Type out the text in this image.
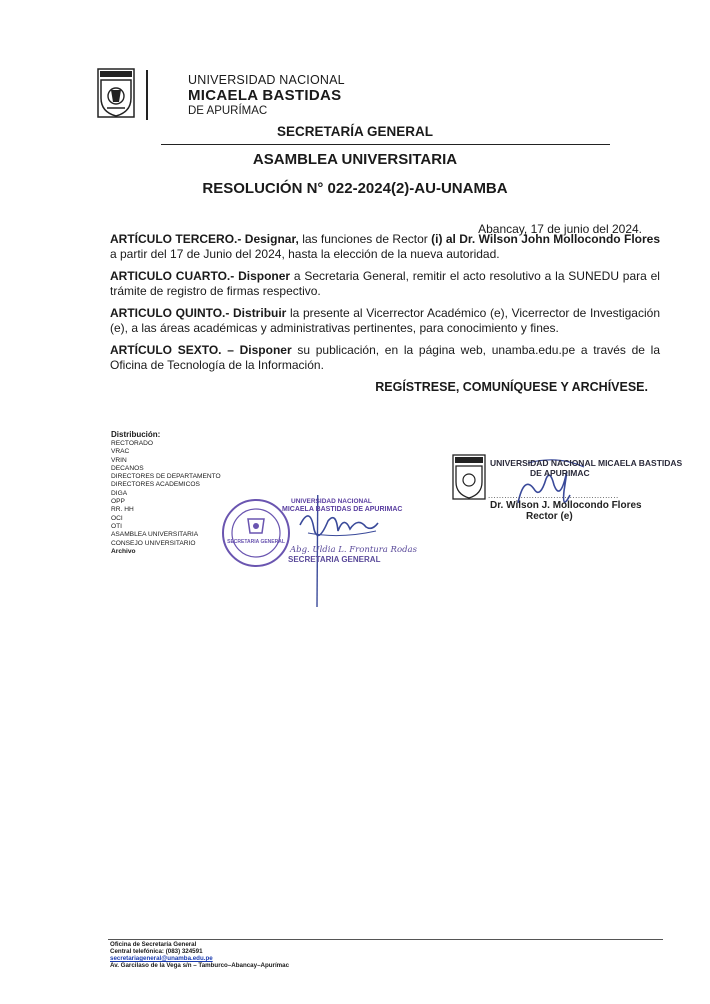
UNIVERSIDAD NACIONAL
MICAELA BASTIDAS
DE APURÍMAC
SECRETARÍA GENERAL
ASAMBLEA UNIVERSITARIA
RESOLUCIÓN N° 022-2024(2)-AU-UNAMBA
Abancay, 17 de junio del 2024.
ARTÍCULO TERCERO.- Designar, las funciones de Rector (i) al Dr. Wilson John Mollocondo Flores a partir del 17 de Junio del 2024, hasta la elección de la nueva autoridad.
ARTICULO CUARTO.- Disponer a Secretaria General, remitir el acto resolutivo a la SUNEDU para el trámite de registro de firmas respectivo.
ARTICULO QUINTO.- Distribuir la presente al Vicerrector Académico (e), Vicerrector de Investigación (e), a las áreas académicas y administrativas pertinentes, para conocimiento y fines.
ARTÍCULO SEXTO. – Disponer su publicación, en la página web, unamba.edu.pe a través de la Oficina de Tecnología de la Información.
REGÍSTRESE, COMUNÍQUESE Y ARCHÍVESE.
Distribución:
RECTORADO
VRAC
VRIN
DECANOS
DIRECTORES DE DEPARTAMENTO
DIRECTORES ACADEMICOS
DIGA
OPP
RR. HH
OCI
OTI
ASAMBLEA UNIVERSITARIA
CONSEJO UNIVERSITARIO
Archivo
SECRETARIA GENERAL
UNIVERSIDAD NACIONAL
MICAELA BASTIDAS DE APURIMAC
Abg. Uldia L. Frontura Rodas
SECRETARIA GENERAL
UNIVERSIDAD NACIONAL MICAELA BASTIDAS
DE APURIMAC
................................................
Dr. Wilson J. Mollocondo Flores
Rector (e)
Oficina de Secretaría General
Central telefónica: (083) 324591
secretariageneral@unamba.edu.pe
Av. Garcilaso de la Vega s/n – Tamburco–Abancay–Apurímac
